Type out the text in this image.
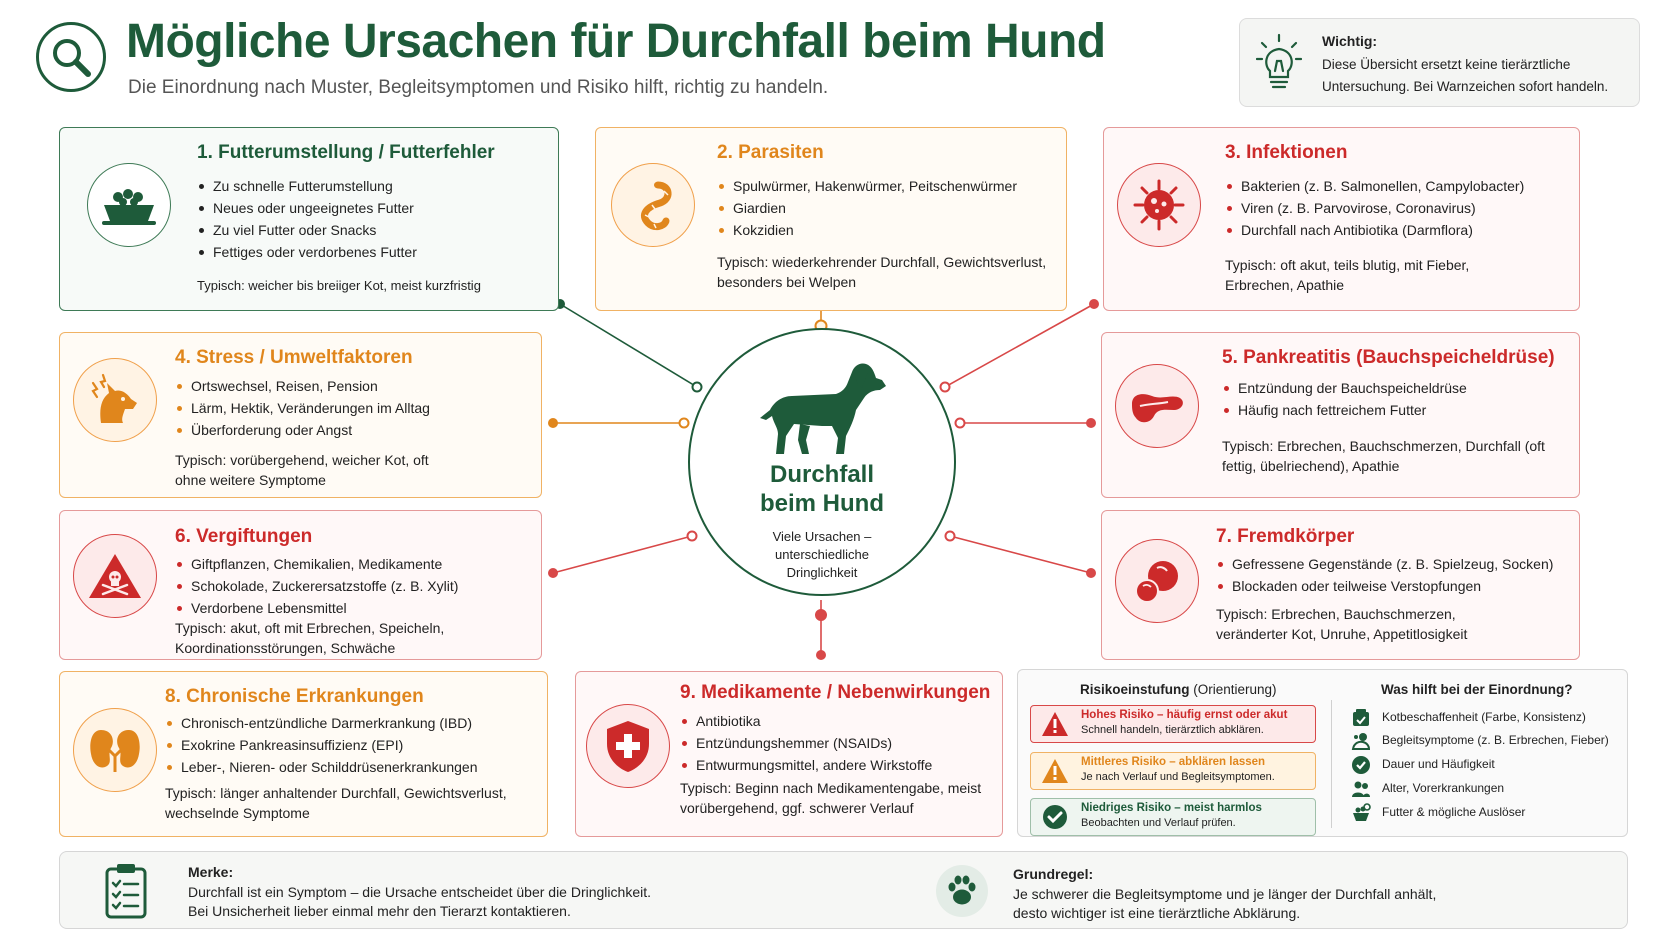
Mögliche Ursachen für Durchfall beim Hund
Die Einordnung nach Muster, Begleitsymptomen und Risiko hilft, richtig zu handeln.
Wichtig:
Diese Übersicht ersetzt keine tierärztliche Untersuchung. Bei Warnzeichen sofort handeln.
1. Futterumstellung / Futterfehler
Zu schnelle Futterumstellung
Neues oder ungeeignetes Futter
Zu viel Futter oder Snacks
Fettiges oder verdorbenes Futter
Typisch: weicher bis breiiger Kot, meist kurzfristig
2. Parasiten
Spulwürmer, Hakenwürmer, Peitschenwürmer
Giardien
Kokzidien
Typisch: wiederkehrender Durchfall, Gewichtsverlust, besonders bei Welpen
3. Infektionen
Bakterien (z. B. Salmonellen, Campylobacter)
Viren (z. B. Parvovirose, Coronavirus)
Durchfall nach Antibiotika (Darmflora)
Typisch: oft akut, teils blutig, mit Fieber, Erbrechen, Apathie
4. Stress / Umweltfaktoren
Ortswechsel, Reisen, Pension
Lärm, Hektik, Veränderungen im Alltag
Überforderung oder Angst
Typisch: vorübergehend, weicher Kot, oft ohne weitere Symptome
5. Pankreatitis (Bauchspeicheldrüse)
Entzündung der Bauchspeicheldrüse
Häufig nach fettreichem Futter
Typisch: Erbrechen, Bauchschmerzen, Durchfall (oft fettig, übelriechend), Apathie
6. Vergiftungen
Giftpflanzen, Chemikalien, Medikamente
Schokolade, Zuckerersatzstoffe (z. B. Xylit)
Verdorbene Lebensmittel
Typisch: akut, oft mit Erbrechen, Speicheln, Koordinationsstörungen, Schwäche
7. Fremdkörper
Gefressene Gegenstände (z. B. Spielzeug, Socken)
Blockaden oder teilweise Verstopfungen
Typisch: Erbrechen, Bauchschmerzen, veränderter Kot, Unruhe, Appetitlosigkeit
8. Chronische Erkrankungen
Chronisch-entzündliche Darmerkrankung (IBD)
Exokrine Pankreasinsuffizienz (EPI)
Leber-, Nieren- oder Schilddrüsenerkrankungen
Typisch: länger anhaltender Durchfall, Gewichtsverlust, wechselnde Symptome
9. Medikamente / Nebenwirkungen
Antibiotika
Entzündungshemmer (NSAIDs)
Entwurmungsmittel, andere Wirkstoffe
Typisch: Beginn nach Medikamentengabe, meist vorübergehend, ggf. schwerer Verlauf
Durchfall beim Hund
Viele Ursachen – unterschiedliche Dringlichkeit
Risikoeinstufung (Orientierung)
Hohes Risiko – häufig ernst oder akut
Schnell handeln, tierärztlich abklären.
Mittleres Risiko – abklären lassen
Je nach Verlauf und Begleitsymptomen.
Niedriges Risiko – meist harmlos
Beobachten und Verlauf prüfen.
Was hilft bei der Einordnung?
Kotbeschaffenheit (Farbe, Konsistenz)
Begleitsymptome (z. B. Erbrechen, Fieber)
Dauer und Häufigkeit
Alter, Vorerkrankungen
Futter & mögliche Auslöser
Merke:
Durchfall ist ein Symptom – die Ursache entscheidet über die Dringlichkeit.
Bei Unsicherheit lieber einmal mehr den Tierarzt kontaktieren.
Grundregel:
Je schwerer die Begleitsymptome und je länger der Durchfall anhält,
desto wichtiger ist eine tierärztliche Abklärung.
